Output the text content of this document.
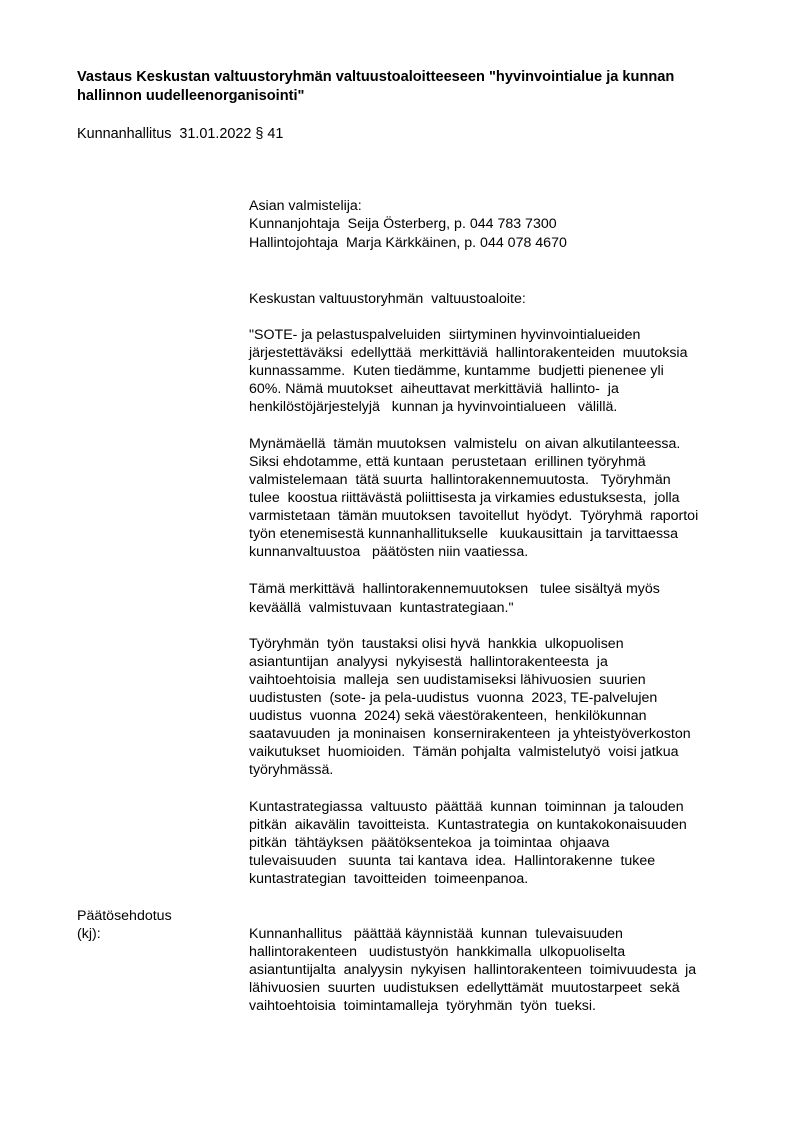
Vastaus Keskustan valtuustoryhmän valtuustoaloitteeseen "hyvinvointialue ja kunnan
hallinnon uudelleenorganisointi"
Kunnanhallitus  31.01.2022 § 41
Asian valmistelija:
Kunnanjohtaja  Seija Österberg, p. 044 783 7300
Hallintojohtaja  Marja Kärkkäinen, p. 044 078 4670
Keskustan valtuustoryhmän  valtuustoaloite:
"SOTE- ja pelastuspalveluiden  siirtyminen hyvinvointialueiden
järjestettäväksi  edellyttää  merkittäviä  hallintorakenteiden  muutoksia
kunnassamme.  Kuten tiedämme, kuntamme  budjetti pienenee yli
60%. Nämä muutokset  aiheuttavat merkittäviä  hallinto-  ja
henkilöstöjärjestelyjä   kunnan ja hyvinvointialueen   välillä.
Mynämäellä  tämän muutoksen  valmistelu  on aivan alkutilanteessa.
Siksi ehdotamme, että kuntaan  perustetaan  erillinen työryhmä
valmistelemaan  tätä suurta  hallintorakennemuutosta.   Työryhmän
tulee  koostua riittävästä poliittisesta ja virkamies edustuksesta,  jolla
varmistetaan  tämän muutoksen  tavoitellut  hyödyt.  Työryhmä  raportoi
työn etenemisestä kunnanhallitukselle   kuukausittain  ja tarvittaessa
kunnanvaltuustoa   päätösten niin vaatiessa.
Tämä merkittävä  hallintorakennemuutoksen   tulee sisältyä myös
keväällä  valmistuvaan  kuntastrategiaan."
Työryhmän  työn  taustaksi olisi hyvä  hankkia  ulkopuolisen
asiantuntijan  analyysi  nykyisestä  hallintorakenteesta  ja
vaihtoehtoisia  malleja  sen uudistamiseksi lähivuosien  suurien
uudistusten  (sote- ja pela-uudistus  vuonna  2023, TE-palvelujen
uudistus  vuonna  2024) sekä väestörakenteen,  henkilökunnan
saatavuuden  ja moninaisen  konsernirakenteen  ja yhteistyöverkoston
vaikutukset  huomioiden.  Tämän pohjalta  valmistelutyö  voisi jatkua
työryhmässä.
Kuntastrategiassa  valtuusto  päättää  kunnan  toiminnan  ja talouden
pitkän  aikavälin  tavoitteista.  Kuntastrategia  on kuntakokonaisuuden
pitkän  tähtäyksen  päätöksentekoa  ja toimintaa  ohjaava
tulevaisuuden   suunta  tai kantava  idea.  Hallintorakenne  tukee
kuntastrategian  tavoitteiden  toimeenpanoa.
Päätösehdotus
(kj):	Kunnanhallitus   päättää käynnistää  kunnan  tulevaisuuden
hallintorakenteen   uudistustyön  hankkimalla  ulkopuoliselta
asiantuntijalta  analyysin  nykyisen  hallintorakenteen  toimivuudesta  ja
lähivuosien  suurten  uudistuksen  edellyttämät  muutostarpeet  sekä
vaihtoehtoisia  toimintamalleja  työryhmän  työn  tueksi.
